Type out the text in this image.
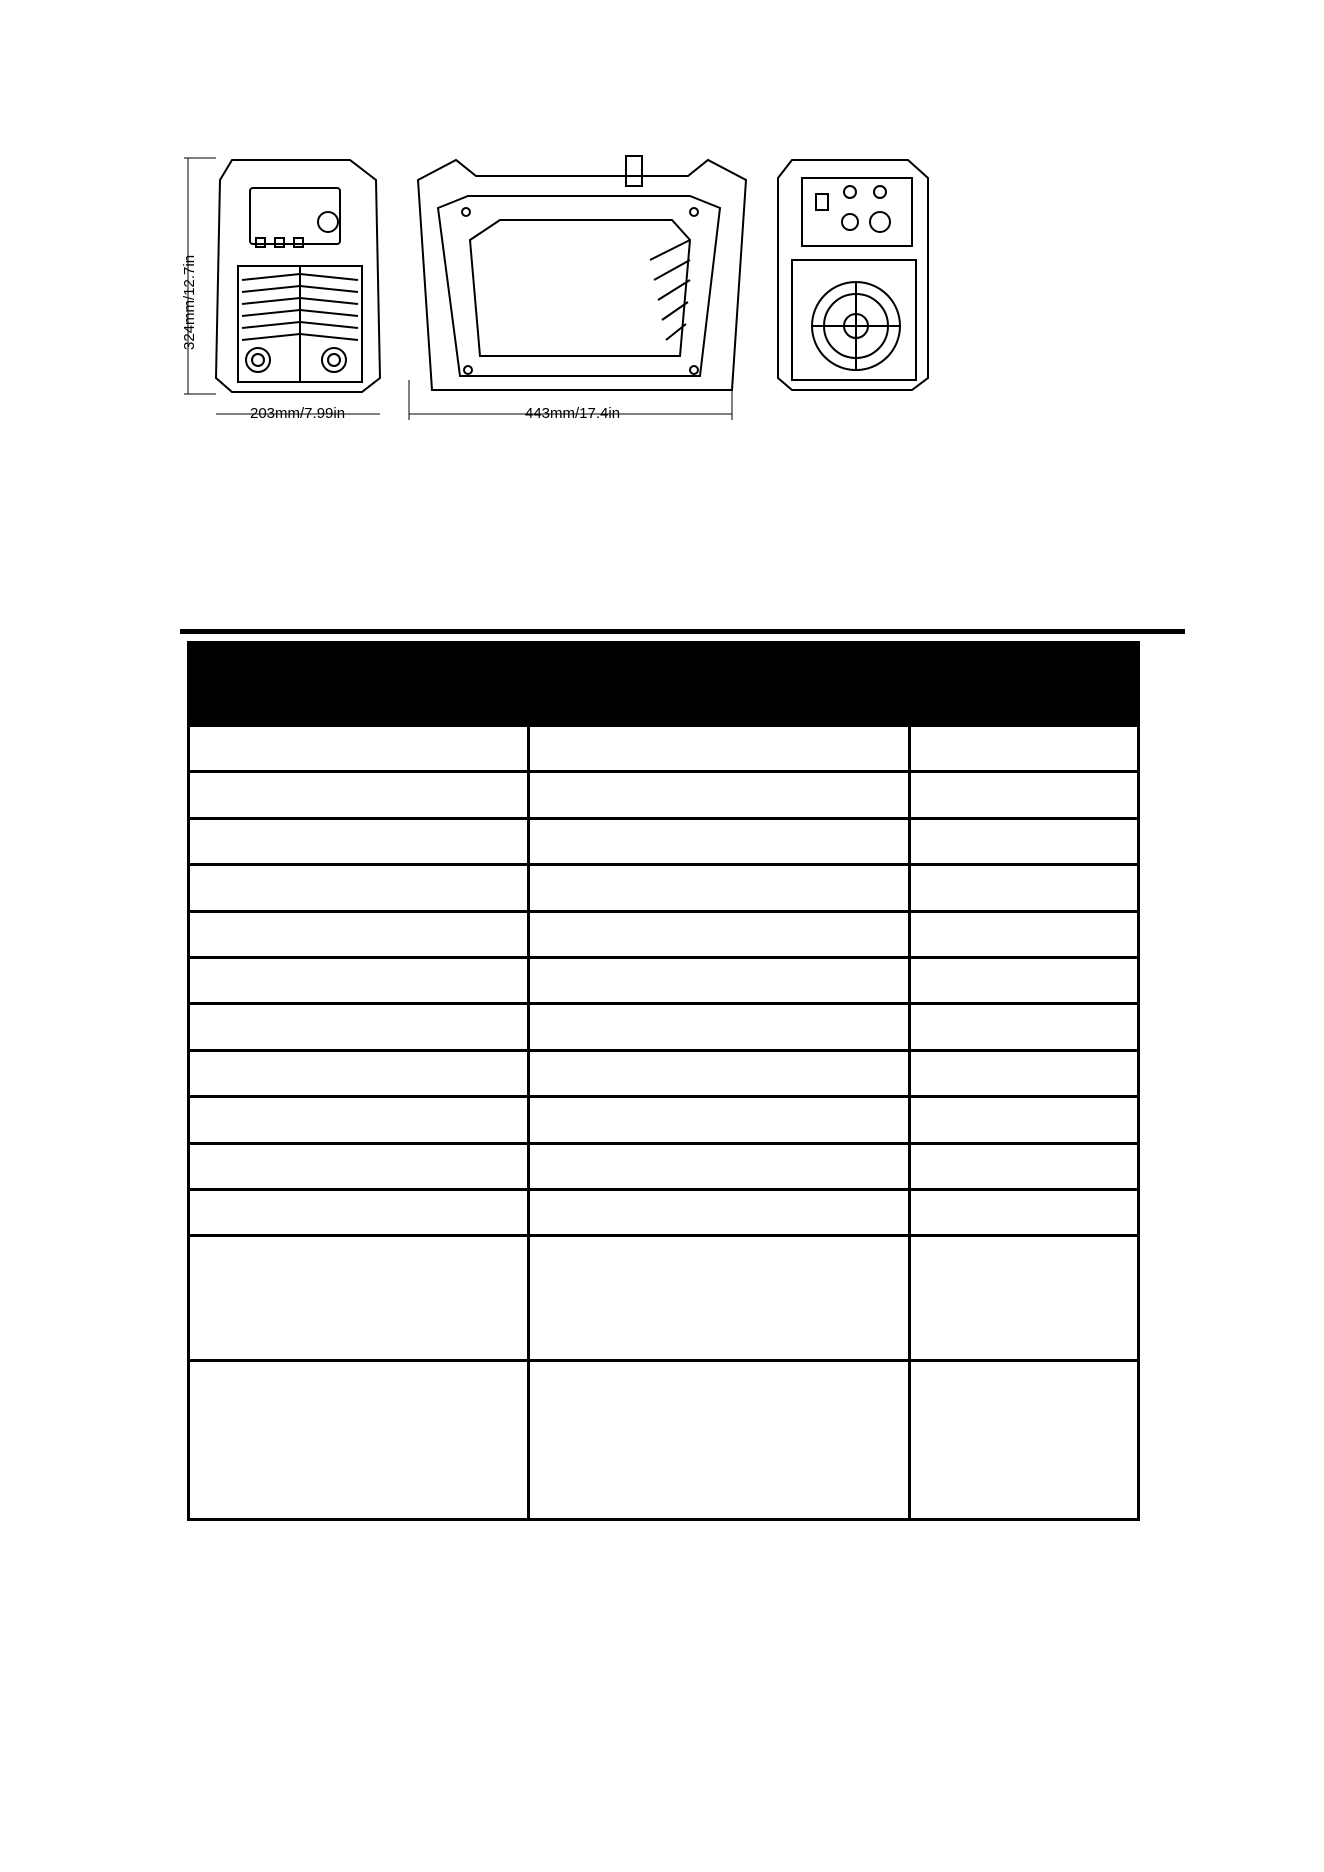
324mm/12.7in
203mm/7.99in	443mm/17.4in
